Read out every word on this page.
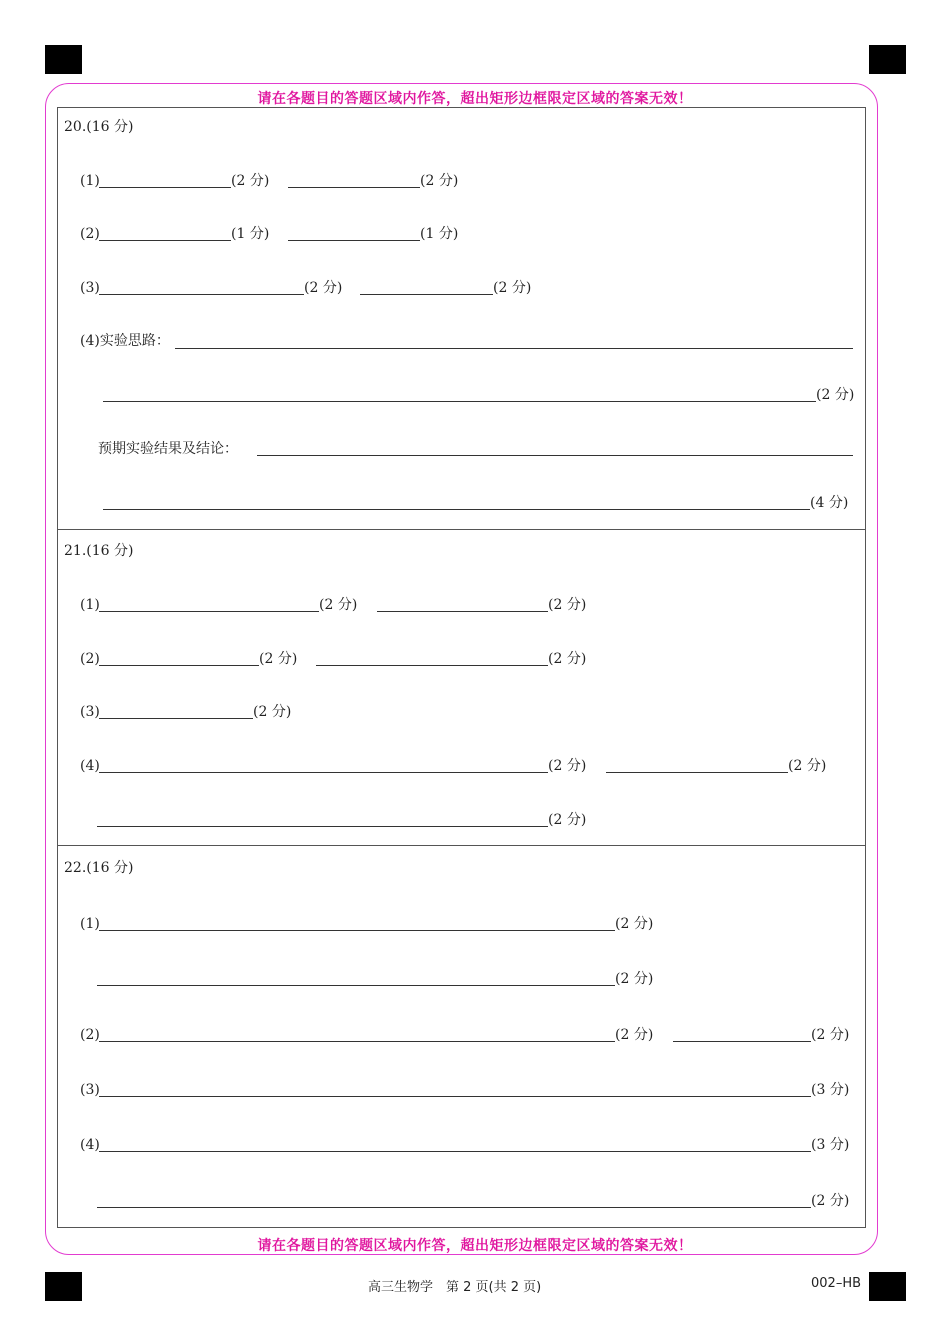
请在各题目的答题区域内作答，超出矩形边框限定区域的答案无效！
请在各题目的答题区域内作答，超出矩形边框限定区域的答案无效！
20.(16 分)
(1)	(2 分)	(2 分)
(2)	(1 分)	(1 分)
(3)	(2 分)	(2 分)
(4)实验思路：
(2 分)
预期实验结果及结论：
(4 分)
21.(16 分)
(1)	(2 分)	(2 分)
(2)	(2 分)	(2 分)
(3)	(2 分)
(4)	(2 分)	(2 分)
(2 分)
22.(16 分)
(1)	(2 分)
(2 分)
(2)	(2 分)	(2 分)
(3)	(3 分)
(4)	(3 分)
(2 分)
高三生物学　第 2 页(共 2 页)	002–HB
